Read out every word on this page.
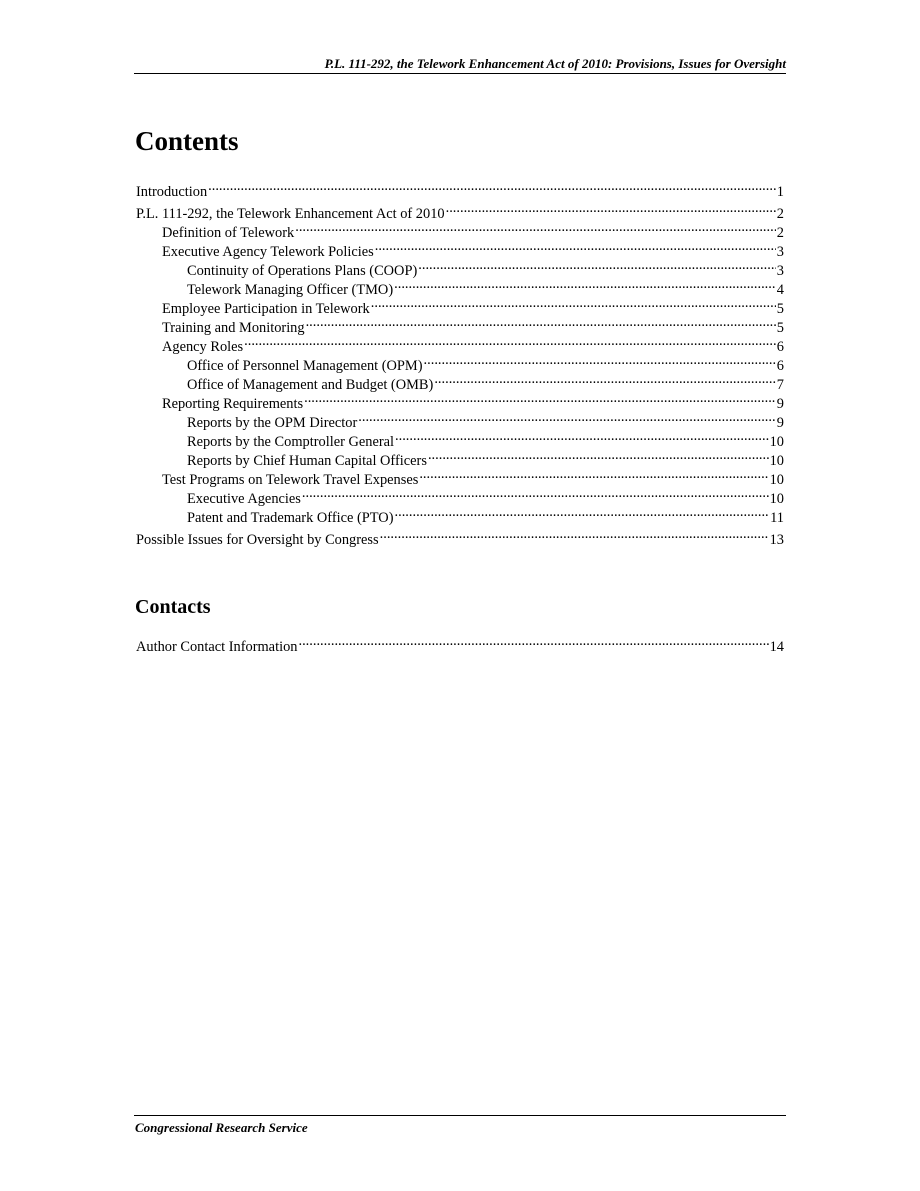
P.L. 111-292, the Telework Enhancement Act of 2010: Provisions, Issues for Oversight
Contents
Introduction .....	1
P.L. 111-292, the Telework Enhancement Act of 2010 .....	2
Definition of Telework .....	2
Executive Agency Telework Policies .....	3
Continuity of Operations Plans (COOP) .....	3
Telework Managing Officer (TMO) .....	4
Employee Participation in Telework .....	5
Training and Monitoring .....	5
Agency Roles .....	6
Office of Personnel Management (OPM) .....	6
Office of Management and Budget (OMB) .....	7
Reporting Requirements .....	9
Reports by the OPM Director .....	9
Reports by the Comptroller General .....	10
Reports by Chief Human Capital Officers .....	10
Test Programs on Telework Travel Expenses .....	10
Executive Agencies .....	10
Patent and Trademark Office (PTO) .....	11
Possible Issues for Oversight by Congress .....	13
Contacts
Author Contact Information .....	14
Congressional Research Service
